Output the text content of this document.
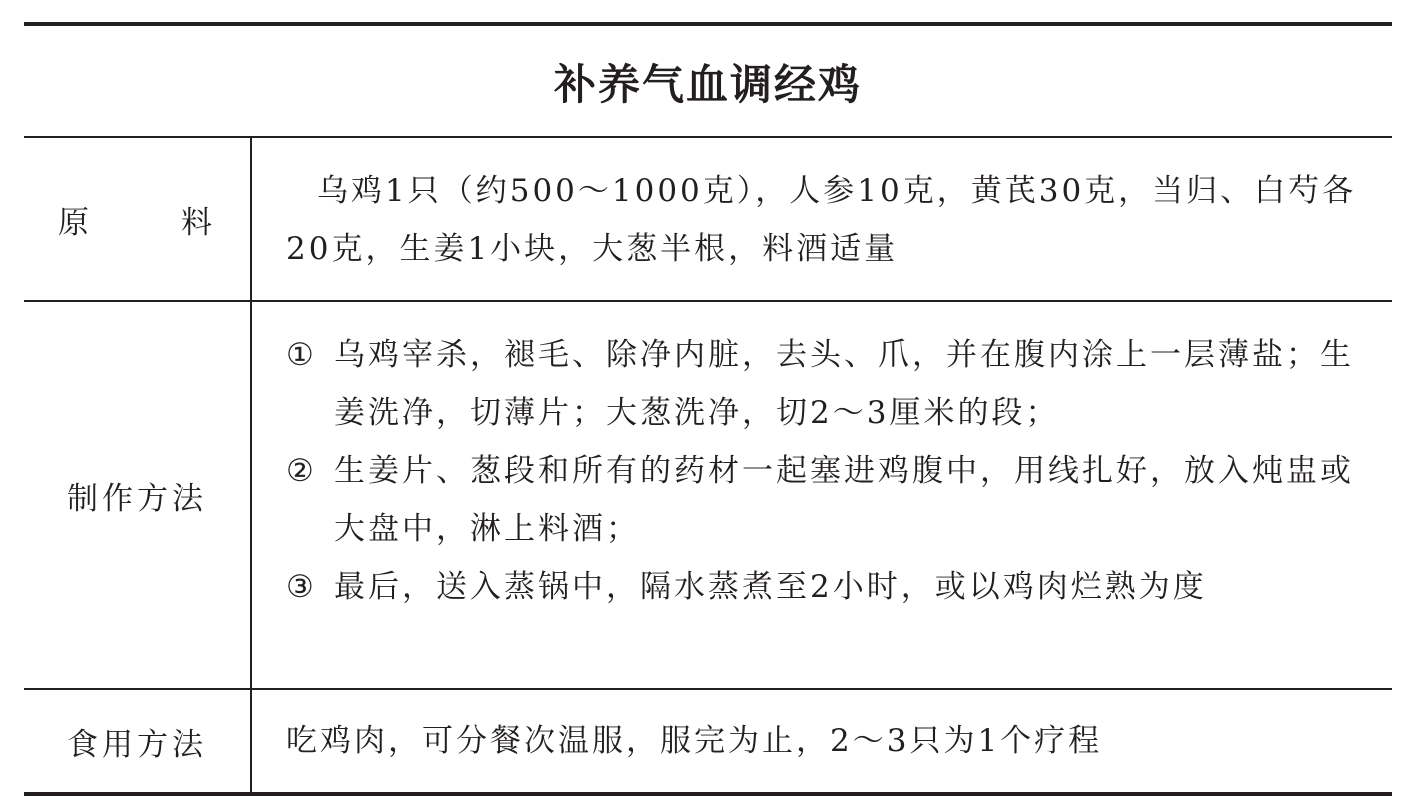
补养气血调经鸡
原	料
乌鸡1只（约500～1000克），人参10克，黄芪30克，当归、白芍各20克，生姜1小块，大葱半根，料酒适量
制作方法
① 乌鸡宰杀，褪毛、除净内脏，去头、爪，并在腹内涂上一层薄盐；生姜洗净，切薄片；大葱洗净，切2～3厘米的段；
② 生姜片、葱段和所有的药材一起塞进鸡腹中，用线扎好，放入炖盅或大盘中，淋上料酒；
③ 最后，送入蒸锅中，隔水蒸煮至2小时，或以鸡肉烂熟为度
食用方法	吃鸡肉，可分餐次温服，服完为止，2～3只为1个疗程
